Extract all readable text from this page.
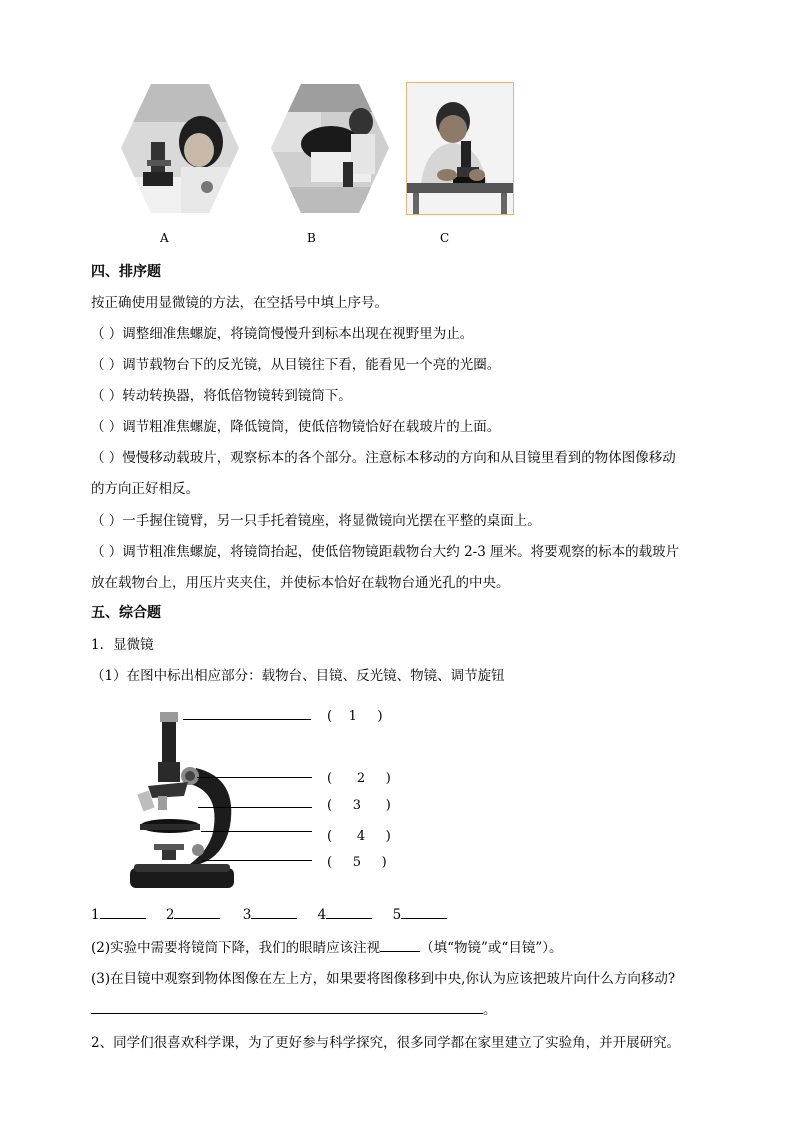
A	B	C
四、排序题
按正确使用显微镜的方法，在空括号中填上序号。
（ ）调整细准焦螺旋，将镜筒慢慢升到标本出现在视野里为止。
（ ）调节载物台下的反光镜，从目镜往下看，能看见一个亮的光圈。
（ ）转动转换器，将低倍物镜转到镜筒下。
（ ）调节粗准焦螺旋，降低镜筒，使低倍物镜恰好在载玻片的上面。
（ ）慢慢移动载玻片，观察标本的各个部分。注意标本移动的方向和从目镜里看到的物体图像移动
的方向正好相反。
（ ）一手握住镜臂，另一只手托着镜座，将显微镜向光摆在平整的桌面上。
（ ）调节粗准焦螺旋，将镜筒抬起，使低倍物镜距载物台大约 2-3 厘米。将要观察的标本的载玻片
放在载物台上，用压片夹夹住，并使标本恰好在载物台通光孔的中央。
五、综合题
1．显微镜
（1）在图中标出相应部分：载物台、目镜、反光镜、物镜、调节旋钮
(    1     )
(      2     )
(     3      )
(      4     )
(     5     )
1	2	3	4	5
(2)实验中需要将镜筒下降，我们的眼睛应该注视	（填“物镜”或“目镜”）。
(3)在目镜中观察到物体图像在左上方，如果要将图像移到中央,你认为应该把玻片向什么方向移动?
。
2、同学们很喜欢科学课，为了更好参与科学探究，很多同学都在家里建立了实验角，并开展研究。
